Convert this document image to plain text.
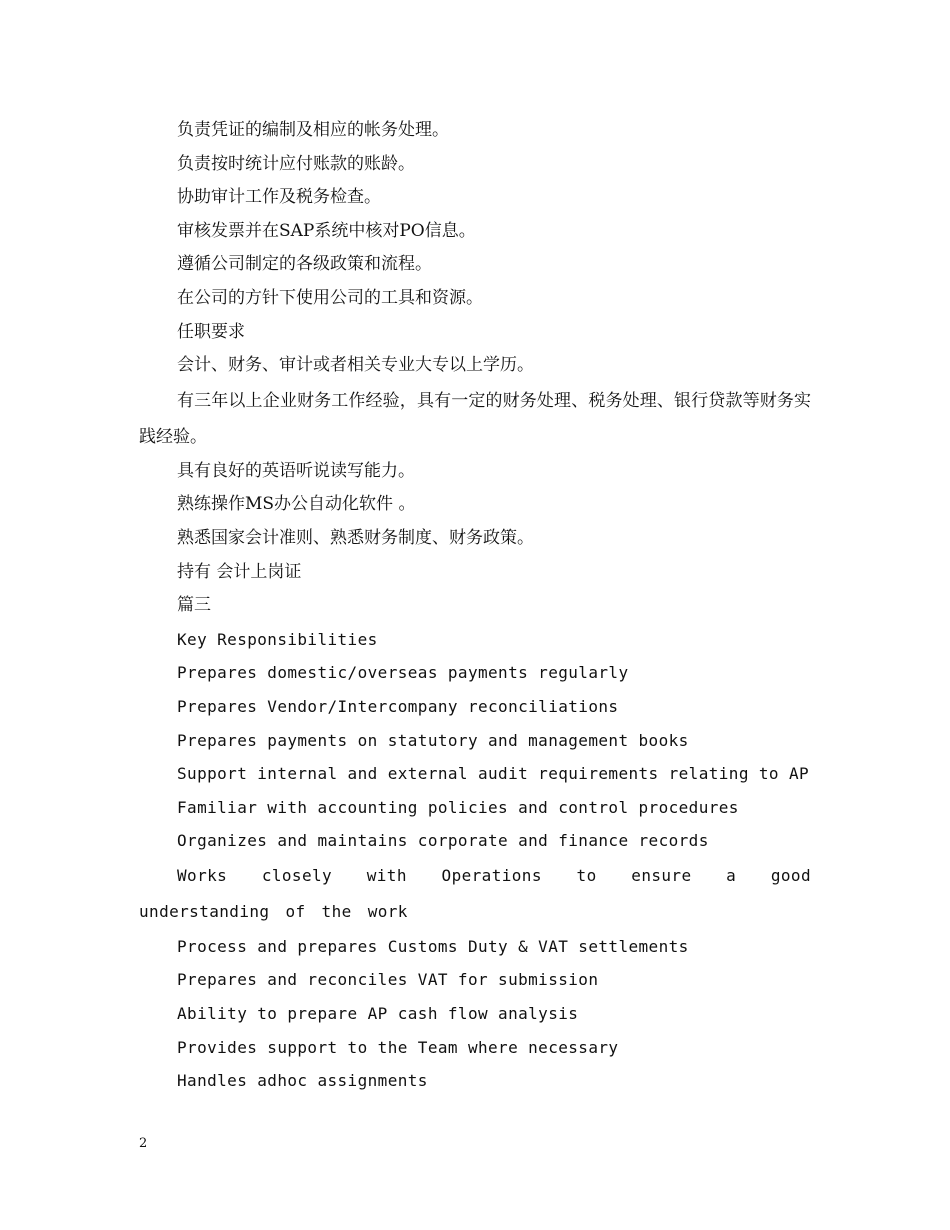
负责凭证的编制及相应的帐务处理。

负责按时统计应付账款的账龄。

协助审计工作及税务检查。

审核发票并在SAP系统中核对PO信息。

遵循公司制定的各级政策和流程。

在公司的方针下使用公司的工具和资源。

任职要求

会计、财务、审计或者相关专业大专以上学历。

有三年以上企业财务工作经验，具有一定的财务处理、税务处理、银行贷款等财务实践经验。

具有良好的英语听说读写能力。

熟练操作MS办公自动化软件 。

熟悉国家会计准则、熟悉财务制度、财务政策。

持有 会计上岗证

篇三

Key Responsibilities

Prepares domestic/overseas payments regularly

Prepares Vendor/Intercompany reconciliations

Prepares payments on statutory and management books

Support internal and external audit requirements relating to AP

Familiar with accounting policies and control procedures

Organizes and maintains corporate and finance records

Works closely with Operations to ensure a good understanding of the work

Process and prepares Customs Duty & VAT settlements

Prepares and reconciles VAT for submission

Ability to prepare AP cash flow analysis

Provides support to the Team where necessary

Handles adhoc assignments

2
